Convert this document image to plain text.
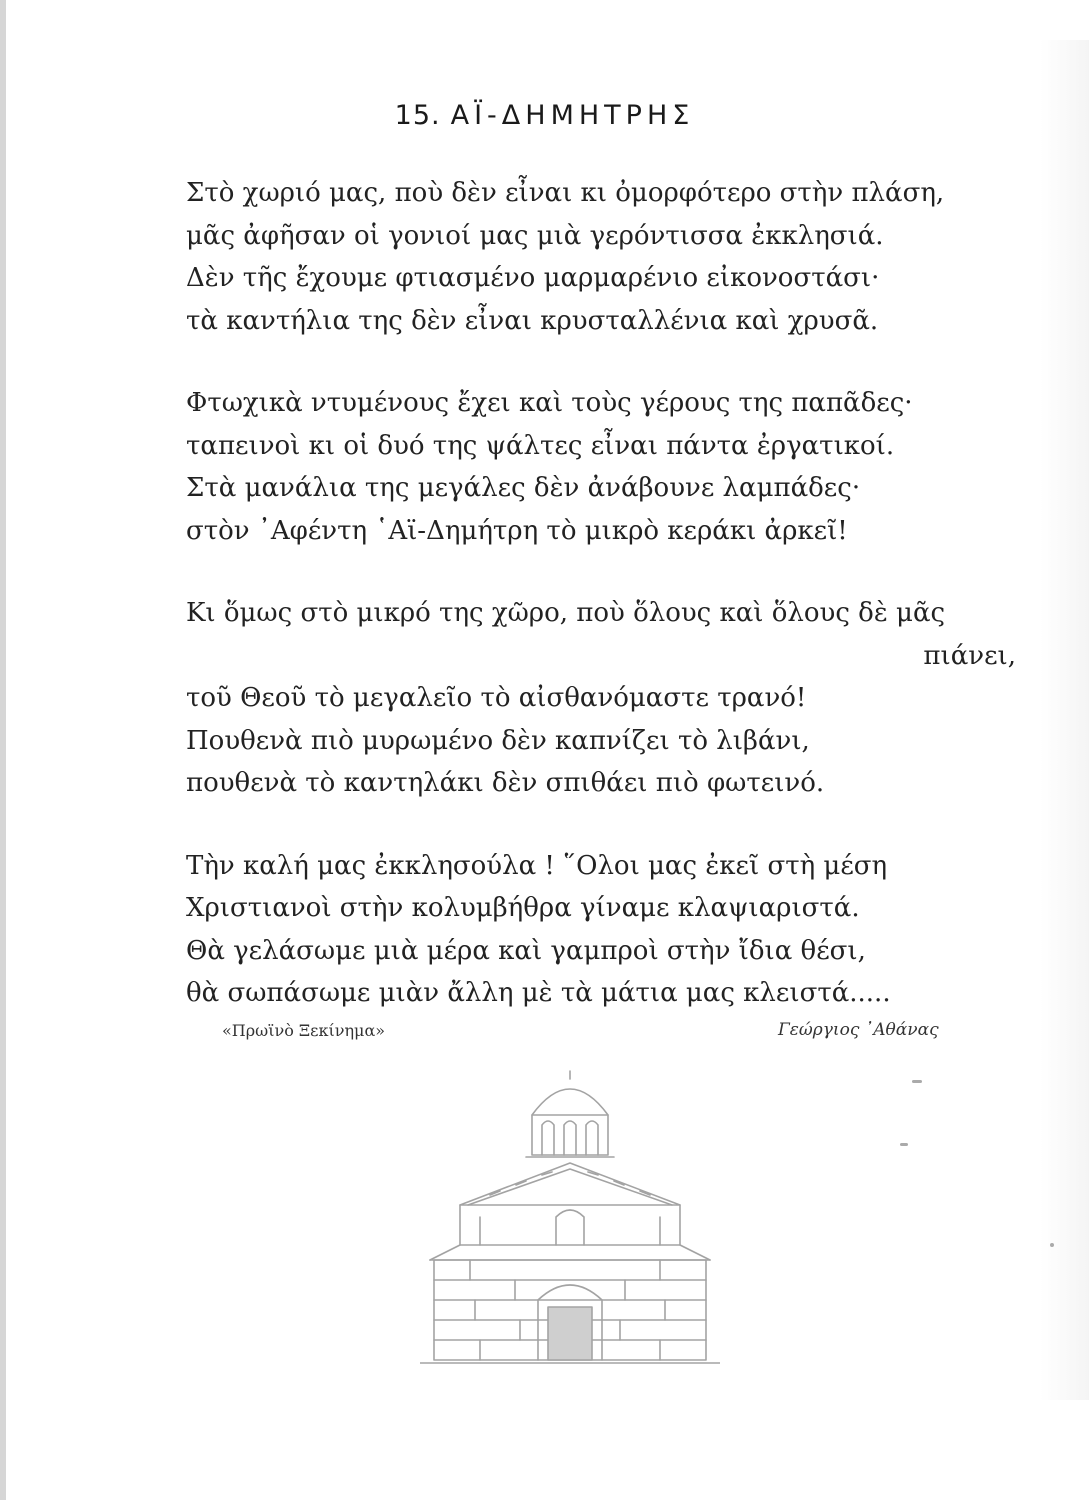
15. ΑΪ-ΔΗΜΗΤΡΗΣ
Στὸ χωριό μας, ποὺ δὲν εἶναι κι ὀμορφότερο στὴν πλάση,
μᾶς ἀφῆσαν οἱ γονιοί μας μιὰ γερόντισσα ἐκκλησιά.
Δὲν τῆς ἔχουμε φτιασμένο μαρμαρένιο εἰκονοστάσι·
τὰ καντήλια της δὲν εἶναι κρυσταλλένια καὶ χρυσᾶ.
Φτωχικὰ ντυμένους ἔχει καὶ τοὺς γέρους της παπᾶδες·
ταπεινοὶ κι οἱ δυό της ψάλτες εἶναι πάντα ἐργατικοί.
Στὰ μανάλια της μεγάλες δὲν ἀνάβουνε λαμπάδες·
στὸν ᾿Αφέντη ῾Αϊ-Δημήτρη τὸ μικρὸ κεράκι ἀρκεῖ!
Κι ὅμως στὸ μικρό της χῶρο, ποὺ ὅλους καὶ ὅλους δὲ μᾶς
πιάνει,
τοῦ Θεοῦ τὸ μεγαλεῖο τὸ αἰσθανόμαστε τρανό!
Πουθενὰ πιὸ μυρωμένο δὲν καπνίζει τὸ λιβάνι,
πουθενὰ τὸ καντηλάκι δὲν σπιθάει πιὸ φωτεινό.
Τὴν καλή μας ἐκκλησούλα ! ῞Ολοι μας ἐκεῖ στὴ μέση
Χριστιανοὶ στὴν κολυμβήθρα γίναμε κλαψιαριστά.
Θὰ γελάσωμε μιὰ μέρα καὶ γαμπροὶ στὴν ἴδια θέσι,
θὰ σωπάσωμε μιὰν ἄλλη μὲ τὰ μάτια μας κλειστά.....
«Πρωϊνὸ Ξεκίνημα»	Γεώργιος ᾿Αθάνας
